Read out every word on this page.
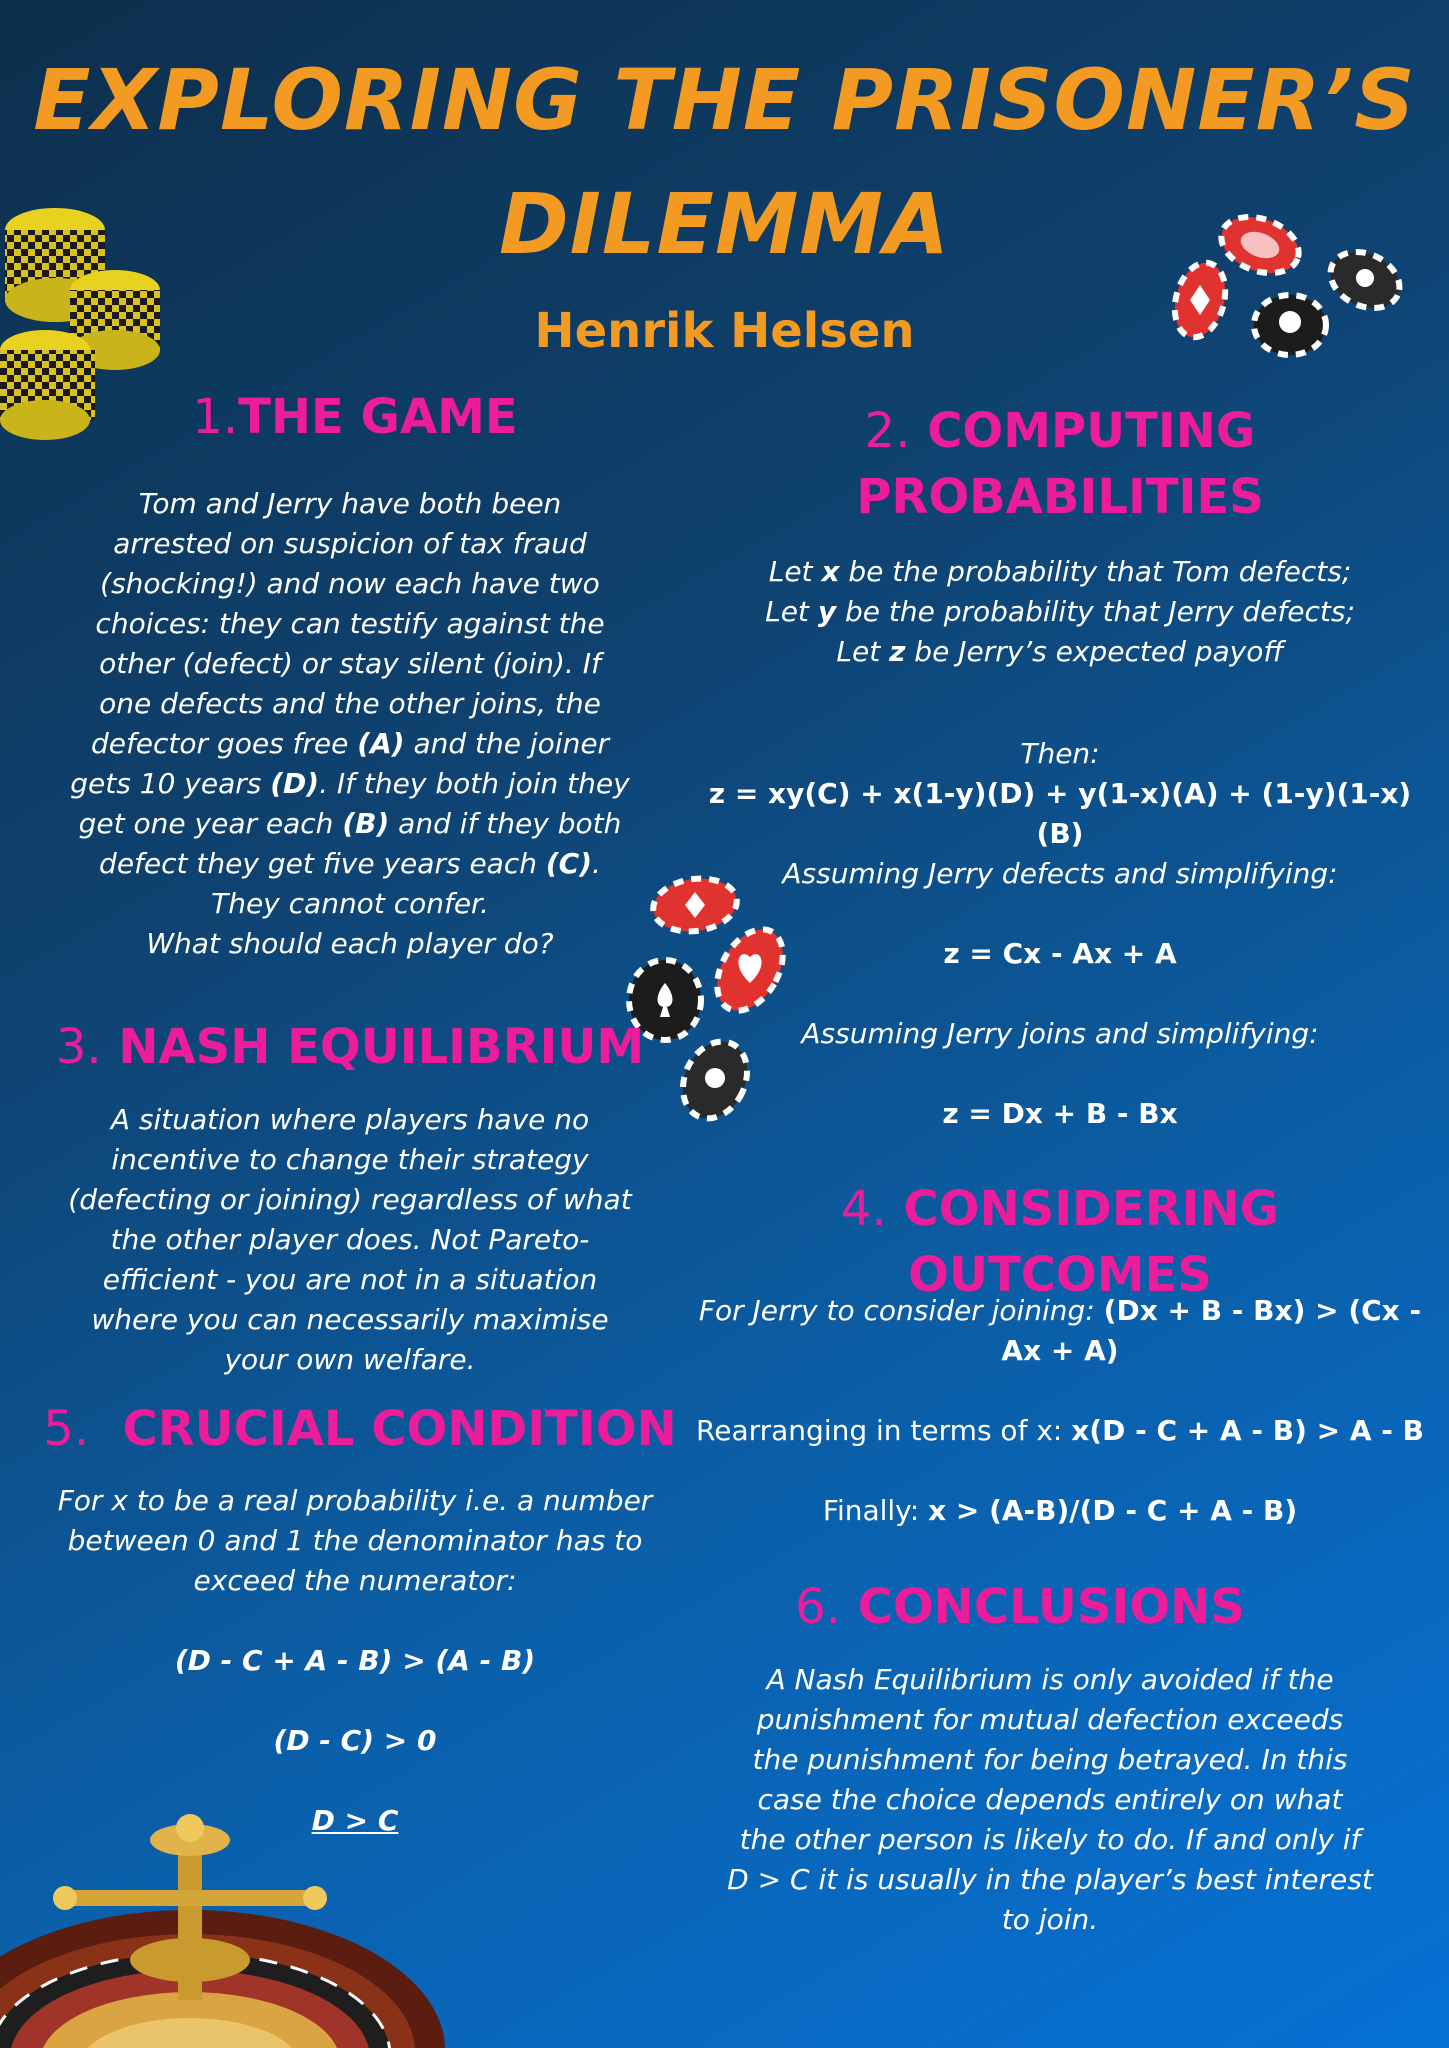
EXPLORING THE PRISONER’S
DILEMMA
Henrik Helsen
1.THE GAME
Tom and Jerry have both been
arrested on suspicion of tax fraud
(shocking!) and now each have two
choices: they can testify against the
other (defect) or stay silent (join). If
one defects and the other joins, the
defector goes free (A) and the joiner
gets 10 years (D). If they both join they
get one year each (B) and if they both
defect they get five years each (C).
They cannot confer.
What should each player do?
2. COMPUTING
PROBABILITIES
Let x be the probability that Tom defects;
Let y be the probability that Jerry defects;
Let z be Jerry’s expected payoff
Then:
z = xy(C) + x(1-y)(D) + y(1-x)(A) + (1-y)(1-x)(B)
Assuming Jerry defects and simplifying:
z = Cx - Ax + A
Assuming Jerry joins and simplifying:
z = Dx + B - Bx
3. NASH EQUILIBRIUM
A situation where players have no
incentive to change their strategy
(defecting or joining) regardless of what
the other player does. Not Pareto-
efficient - you are not in a situation
where you can necessarily maximise
your own welfare.
4. CONSIDERING OUTCOMES
For Jerry to consider joining: (Dx + B - Bx) > (Cx -
Ax + A)
Rearranging in terms of x: x(D - C + A - B) > A - B
Finally: x > (A-B)/(D - C + A - B)
5. CRUCIAL CONDITION
For x to be a real probability i.e. a number
between 0 and 1 the denominator has to
exceed the numerator:
(D - C + A - B) > (A - B)
(D - C) > 0
D > C
6. CONCLUSIONS
A Nash Equilibrium is only avoided if the
punishment for mutual defection exceeds
the punishment for being betrayed. In this
case the choice depends entirely on what
the other person is likely to do. If and only if
D > C it is usually in the player’s best interest
to join.
